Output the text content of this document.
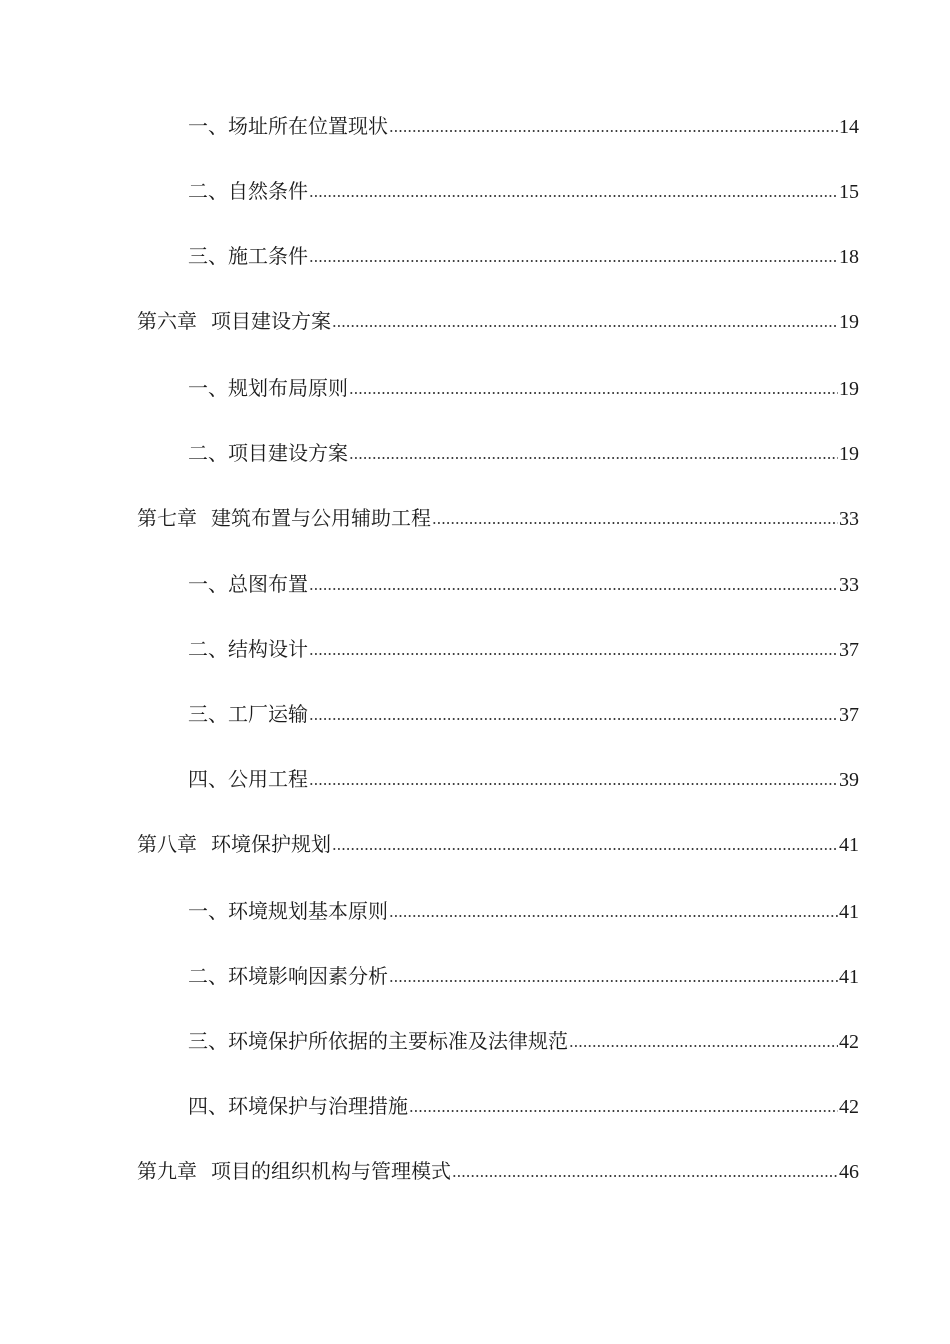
一、场址所在位置现状	14
二、自然条件	15
三、施工条件	18
第六章 项目建设方案	19
一、规划布局原则	19
二、项目建设方案	19
第七章 建筑布置与公用辅助工程	33
一、总图布置	33
二、结构设计	37
三、工厂运输	37
四、公用工程	39
第八章 环境保护规划	41
一、环境规划基本原则	41
二、环境影响因素分析	41
三、环境保护所依据的主要标准及法律规范	42
四、环境保护与治理措施	42
第九章 项目的组织机构与管理模式	46
